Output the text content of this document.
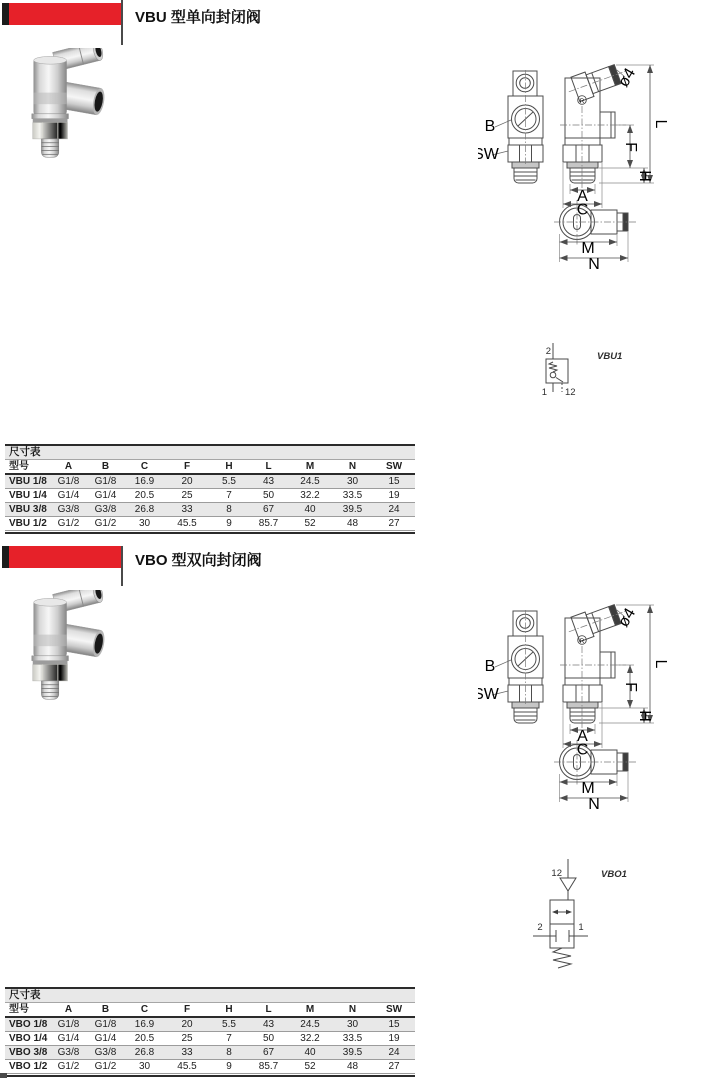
VBU 型单向封闭阀
2
1 12
VBU1
尺寸表
型号	A	B	C	F	H	L	M	N	SW
VBU 1/8	G1/8	G1/8	16.9	20	5.5	43	24.5	30	15
VBU 1/4	G1/4	G1/4	20.5	25	7	50	32.2	33.5	19
VBU 3/8	G3/8	G3/8	26.8	33	8	67	40	39.5	24
VBU 1/2	G1/2	G1/2	30	45.5	9	85.7	52	48	27
VBO 型双向封闭阀
12
2	1
VBO1
尺寸表
型号	A	B	C	F	H	L	M	N	SW
VBO 1/8	G1/8	G1/8	16.9	20	5.5	43	24.5	30	15
VBO 1/4	G1/4	G1/4	20.5	25	7	50	32.2	33.5	19
VBO 3/8	G3/8	G3/8	26.8	33	8	67	40	39.5	24
VBO 1/2	G1/2	G1/2	30	45.5	9	85.7	52	48	27
